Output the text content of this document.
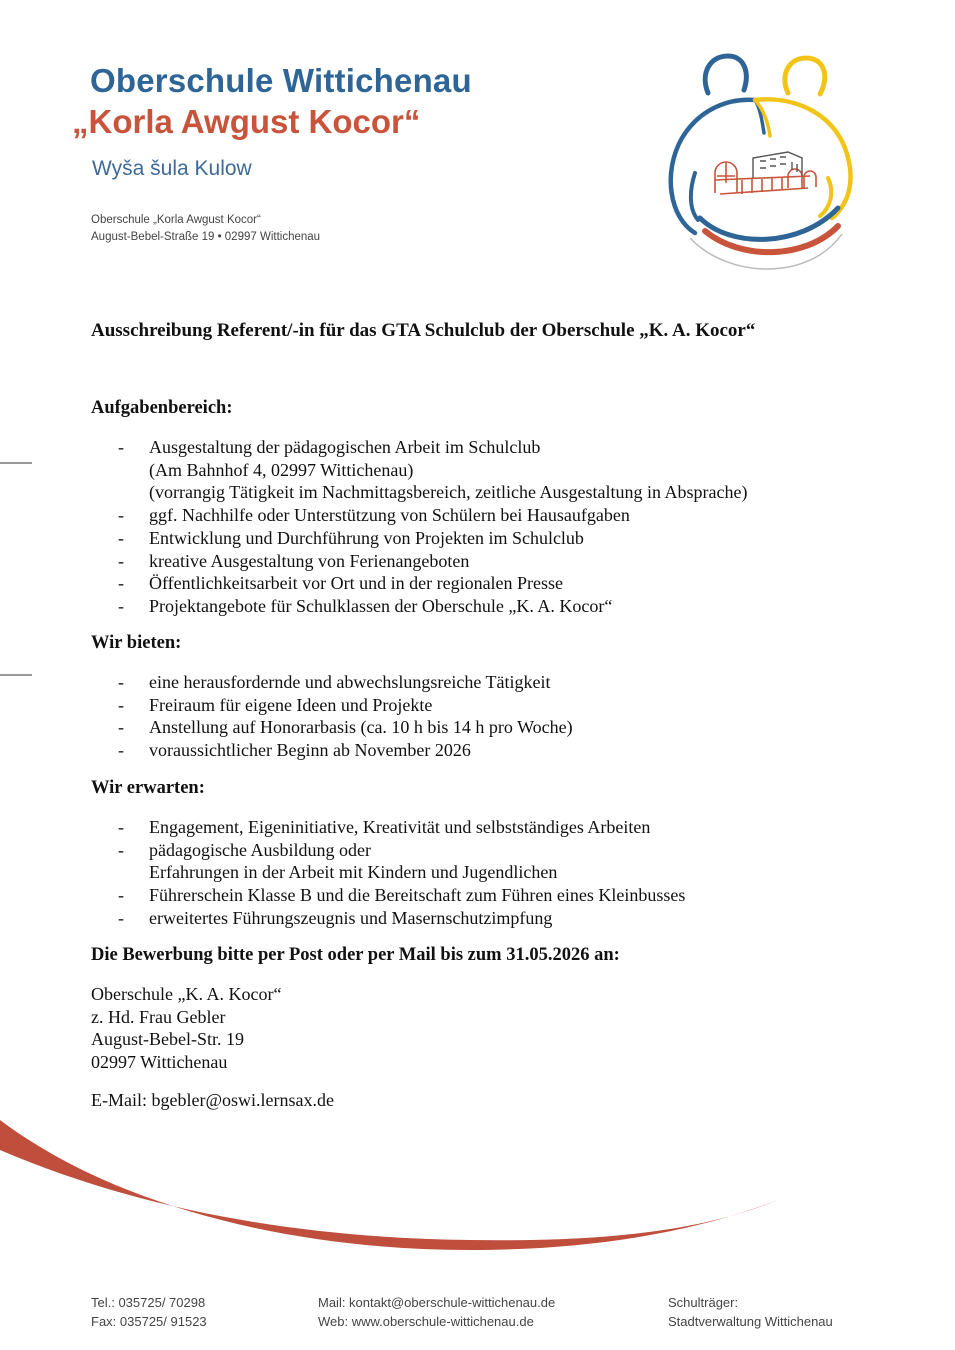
Oberschule Wittichenau
„Korla Awgust Kocor“
Wyša šula Kulow
Oberschule „Korla Awgust Kocor“
August-Bebel-Straße 19 • 02997 Wittichenau
Ausschreibung Referent/-in für das GTA Schulclub der Oberschule „K. A. Kocor“
Aufgabenbereich:
- Ausgestaltung der pädagogischen Arbeit im Schulclub
(Am Bahnhof 4, 02997 Wittichenau)
(vorrangig Tätigkeit im Nachmittagsbereich, zeitliche Ausgestaltung in Absprache)
- ggf. Nachhilfe oder Unterstützung von Schülern bei Hausaufgaben
- Entwicklung und Durchführung von Projekten im Schulclub
- kreative Ausgestaltung von Ferienangeboten
- Öffentlichkeitsarbeit vor Ort und in der regionalen Presse
- Projektangebote für Schulklassen der Oberschule „K. A. Kocor“
Wir bieten:
- eine herausfordernde und abwechslungsreiche Tätigkeit
- Freiraum für eigene Ideen und Projekte
- Anstellung auf Honorarbasis (ca. 10 h bis 14 h pro Woche)
- voraussichtlicher Beginn ab November 2026
Wir erwarten:
- Engagement, Eigeninitiative, Kreativität und selbstständiges Arbeiten
- pädagogische Ausbildung oder
Erfahrungen in der Arbeit mit Kindern und Jugendlichen
- Führerschein Klasse B und die Bereitschaft zum Führen eines Kleinbusses
- erweitertes Führungszeugnis und Masernschutzimpfung
Die Bewerbung bitte per Post oder per Mail bis zum 31.05.2026 an:
Oberschule „K. A. Kocor“
z. Hd. Frau Gebler
August-Bebel-Str. 19
02997 Wittichenau
E-Mail: bgebler@oswi.lernsax.de
Tel.: 035725/ 70298
Fax: 035725/ 91523
Mail: kontakt@oberschule-wittichenau.de
Web: www.oberschule-wittichenau.de
Schulträger:
Stadtverwaltung Wittichenau
